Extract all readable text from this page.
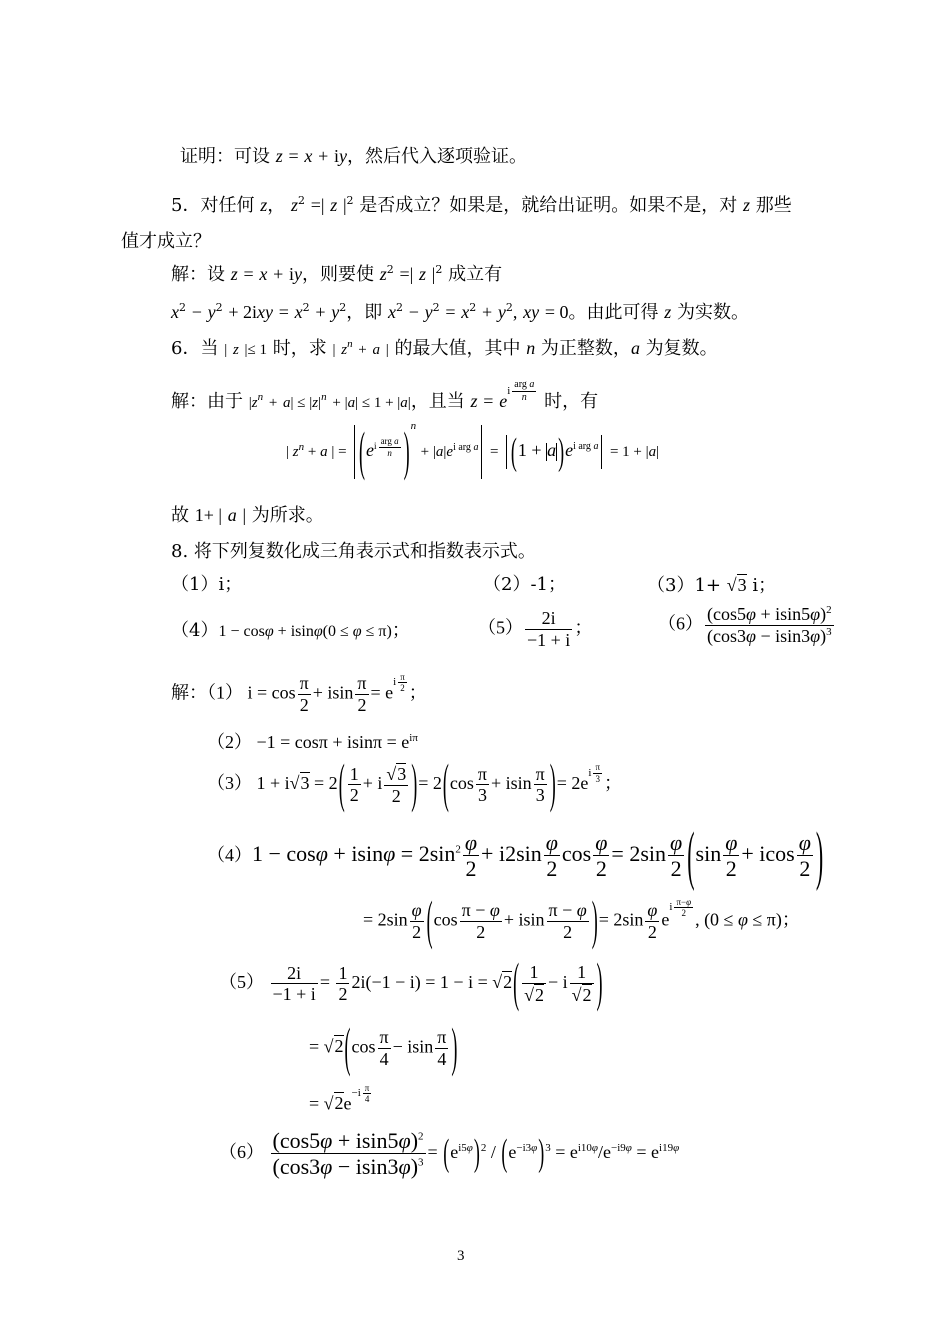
证明：可设 z = x + iy，然后代入逐项验证。
5．对任何 z， $z^2$ =| z $|^2$ 是否成立？如果是，就给出证明。如果不是，对 z 那些
值才成立？
解：设 z = x + iy，则要使 $z^2$ =| z $|^2$ 成立有
$x^2 - y^2 + 2ixy = x^2 + y^2$，即 $x^2 - y^2 = x^2 + y^2$, xy = 0。由此可得 z 为实数。
6．当 | z |≤ 1 时，求 | $z^n + a$ | 的最大值，其中 n 为正整数，a 为复数。
解：由于 $|z^n + a| \le |z|^n + |a| \le 1 + |a|$，且当 $z = e^{i \frac{\text{arg a}}{n}}$ 时，有
| $z^n + a$ | = ($e^{i \frac{\text{arg a}}{n}}$ )$^n + |a|e^{i arg a} = (1 + a$ )$e^{i arg a} = 1 + |a|$
故 1+ | a | 为所求。
8. 将下列复数化成三角表示式和指数表示式。
（1）i；	（2）-1；	（3）1+ √3 i；
（4）1 − cosφ + isinφ(0 ≤ φ ≤ π)；	$(5) \frac{2i}{-1 + i}$ ；	$(6) \frac{(\cos 5\varphi + isin5\varphi)^2}{(\cos 3\varphi - isin3\varphi)^3}$
解：（1） $i = \cos \frac{\pi}{2} + isin \frac{\pi}{2} = e^{i \frac{\pi}{2}}$ ；
$(2) -1 = \cos\pi + isin\pi = e^{i\pi}$
（3） $1 + i√3 = 2( \frac{1}{2} + i \frac{√3}{2}$ )= $2(\cos \frac{\pi}{3} + isin \frac{\pi}{3}$ )= $2e^{i \frac{\pi}{3}}$ ；
$(4)1 - \cos\varphi + isin\varphi = 2\sin^2 \frac{\varphi}{2} + i2\sin \frac{\varphi}{2}$ $\cos \frac{\varphi}{2} = 2\sin \frac{\varphi}{2} (\sin \frac{\varphi}{2} + icos \frac{\varphi}{2}$ )
= $2\sin \frac{\varphi}{2} (\cos \frac{\pi - \varphi}{2} + isin \frac{\pi - \varphi}{2}$ )= $2\sin \frac{\varphi}{2} e^{i \frac{\pi-\varphi}{2}}$
, (0 ≤ φ ≤ π)；
$(5) \frac{2i}{-1 + i} = \frac{1}{2} 2i(-1 - i) = 1 - i = √2( \frac{1}{√2} - i \frac{1}{√2}$ )
= $√2(\cos \frac{\pi}{4} - isin \frac{\pi}{4}$ )
= $√2e^{-i \frac{\pi}{4}}$
$(6) \frac{(\cos 5\varphi + isin5\varphi)^2}{(\cos 3\varphi - isin3\varphi)^3} = (e^{i5\varphi})^2 / (e^{-i3\varphi})^3 = e^{i10\varphi}/e^{-i9\varphi} = e^{i19\varphi}$
3
